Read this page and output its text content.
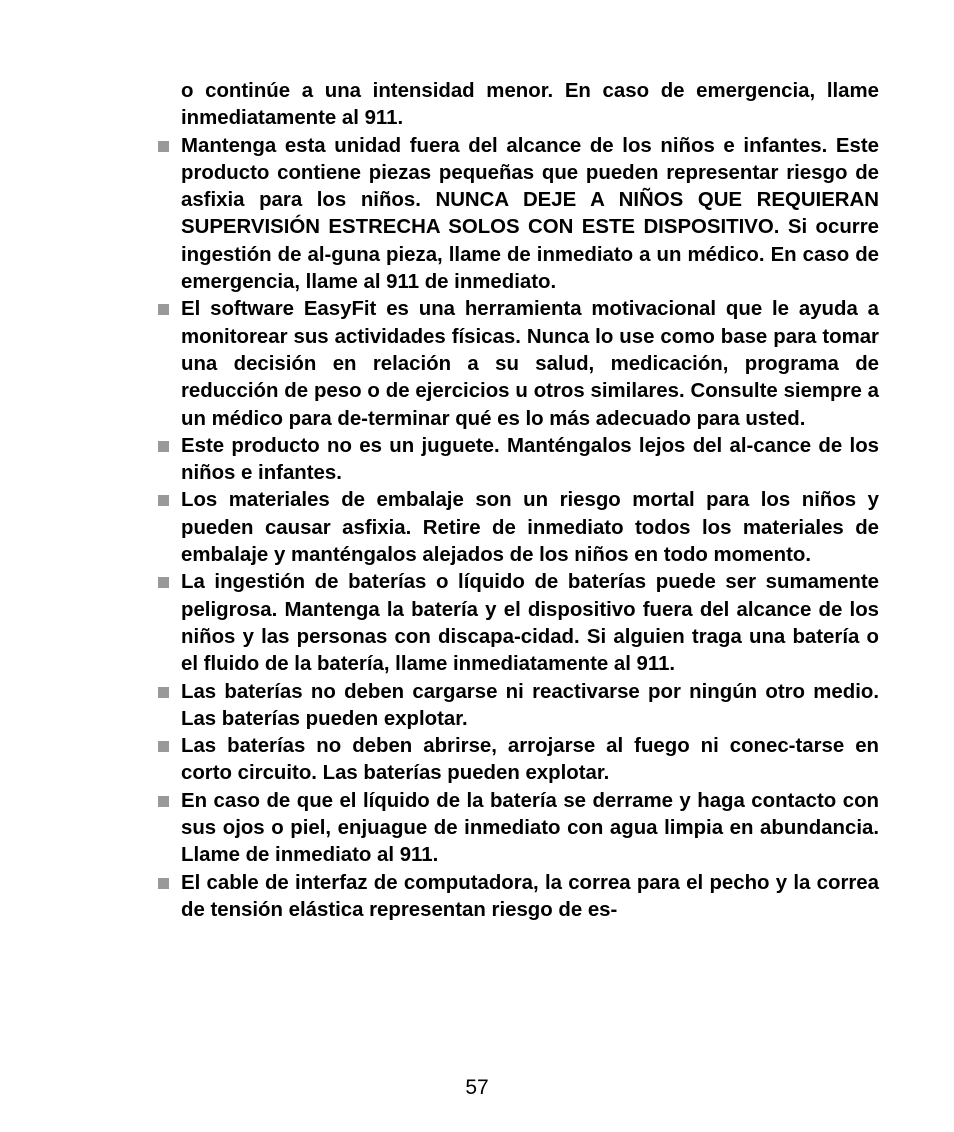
o continúe a una intensidad menor. En caso de emergencia, llame inmediatamente al 911.

Mantenga esta unidad fuera del alcance de los niños e infantes. Este producto contiene piezas pequeñas que pueden representar riesgo de asfixia para los niños. NUNCA DEJE A NIÑOS QUE REQUIERAN SUPERVISIÓN ESTRECHA SOLOS CON ESTE DISPOSITIVO. Si ocurre ingestión de al-guna pieza, llame de inmediato a un médico. En caso de emergencia, llame al 911 de inmediato.
El software EasyFit es una herramienta motivacional que le ayuda a monitorear sus actividades físicas. Nunca lo use como base para tomar una decisión en relación a su salud, medicación, programa de reducción de peso o de ejercicios u otros similares. Consulte siempre a un médico para de-terminar qué es lo más adecuado para usted.
Este producto no es un juguete. Manténgalos lejos del al-cance de los niños e infantes.
Los materiales de embalaje son un riesgo mortal para los niños y pueden causar asfixia. Retire de inmediato todos los materiales de embalaje y manténgalos alejados de los niños en todo momento.
La ingestión de baterías o líquido de baterías puede ser sumamente peligrosa. Mantenga la batería y el dispositivo fuera del alcance de los niños y las personas con discapa-cidad. Si alguien traga una batería o el fluido de la batería, llame inmediatamente al 911.
Las baterías no deben cargarse ni reactivarse por ningún otro medio. Las baterías pueden explotar.
Las baterías no deben abrirse, arrojarse al fuego ni conec-tarse en corto circuito. Las baterías pueden explotar.
En caso de que el líquido de la batería se derrame y haga contacto con sus ojos o piel, enjuague de inmediato con agua limpia en abundancia. Llame de inmediato al 911.
El cable de interfaz de computadora, la correa para el pecho y la correa de tensión elástica representan riesgo de es-
57
